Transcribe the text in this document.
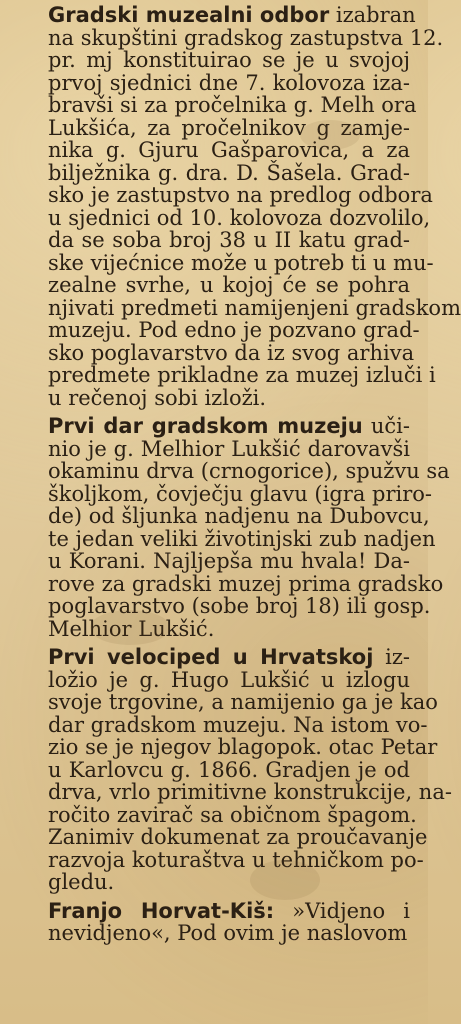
Gradski muzealni odbor izabran
na skupštini gradskog zastupstva 12.
pr. mj konstituirao se je u svojoj
prvoj sjednici dne 7. kolovoza iza-
bravši si za pročelnika g. Melh ora
Lukšića, za pročelnikov g zamje-
nika g. Gjuru Gašparovica, a za
bilježnika g. dra. D. Šašela. Grad-
sko je zastupstvo na predlog odbora
u sjednici od 10. kolovoza dozvolilo,
da se soba broj 38 u II katu grad-
ske vijećnice može u potreb ti u mu-
zealne svrhe, u kojoj će se pohra
njivati predmeti namijenjeni gradskom
muzeju. Pod edno je pozvano grad-
sko poglavarstvo da iz svog arhiva
predmete prikladne za muzej izluči i
u rečenoj sobi izloži.
Prvi dar gradskom muzeju uči-
nio je g. Melhior Lukšić darovavši
okaminu drva (crnogorice), spužvu sa
školjkom, čovječju glavu (igra priro-
de) od šljunka nadjenu na Dubovcu,
te jedan veliki životinjski zub nadjen
u Korani. Najljepša mu hvala! Da-
rove za gradski muzej prima gradsko
poglavarstvo (sobe broj 18) ili gosp.
Melhior Lukšić.
Prvi velociped u Hrvatskoj iz-
ložio je g. Hugo Lukšić u izlogu
svoje trgovine, a namijenio ga je kao
dar gradskom muzeju. Na istom vo-
zio se je njegov blagopok. otac Petar
u Karlovcu g. 1866. Gradjen je od
drva, vrlo primitivne konstrukcije, na-
ročito zavirač sa običnom špagom.
Zanimiv dokumenat za proučavanje
razvoja koturaštva u tehničkom po-
gledu.
Franjo Horvat-Kiš: »Vidjeno i
nevidjeno«, Pod ovim je naslovom
